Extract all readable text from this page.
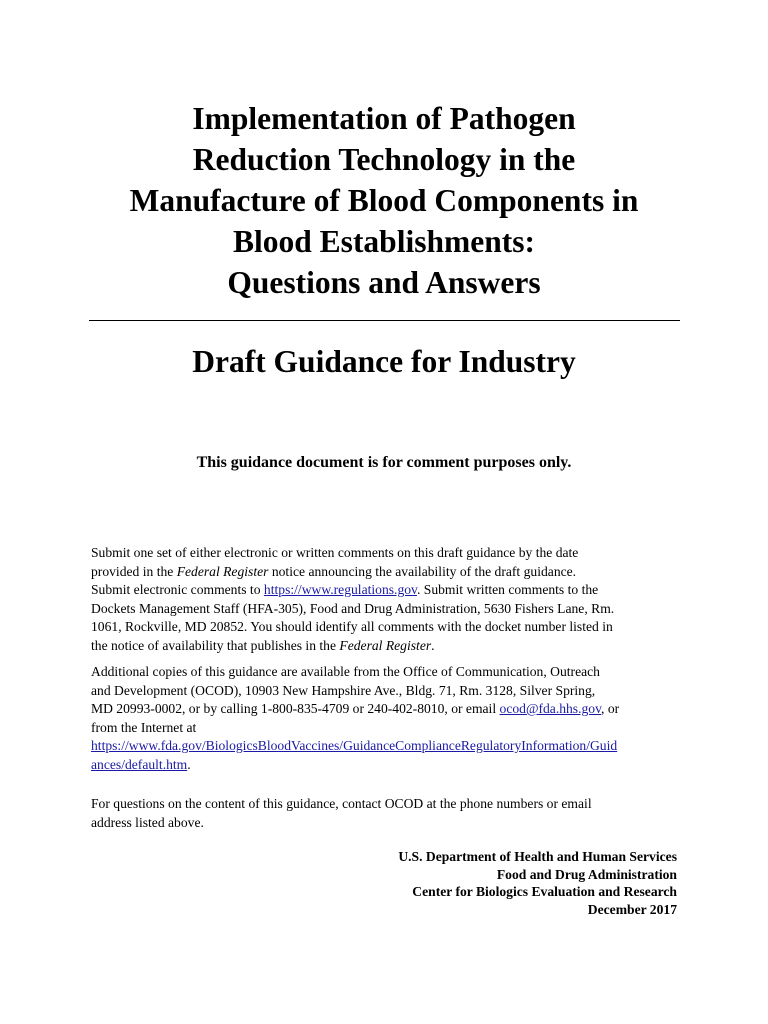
Implementation of Pathogen
Reduction Technology in the
Manufacture of Blood Components in
Blood Establishments:
Questions and Answers
Draft Guidance for Industry
This guidance document is for comment purposes only.
Submit one set of either electronic or written comments on this draft guidance by the date
provided in the Federal Register notice announcing the availability of the draft guidance.
Submit electronic comments to https://www.regulations.gov. Submit written comments to the
Dockets Management Staff (HFA-305), Food and Drug Administration, 5630 Fishers Lane, Rm.
1061, Rockville, MD 20852. You should identify all comments with the docket number listed in
the notice of availability that publishes in the Federal Register.
Additional copies of this guidance are available from the Office of Communication, Outreach
and Development (OCOD), 10903 New Hampshire Ave., Bldg. 71, Rm. 3128, Silver Spring,
MD 20993-0002, or by calling 1-800-835-4709 or 240-402-8010, or email ocod@fda.hhs.gov, or
from the Internet at
https://www.fda.gov/BiologicsBloodVaccines/GuidanceComplianceRegulatoryInformation/Guid
ances/default.htm.
For questions on the content of this guidance, contact OCOD at the phone numbers or email
address listed above.
U.S. Department of Health and Human Services
Food and Drug Administration
Center for Biologics Evaluation and Research
December 2017
